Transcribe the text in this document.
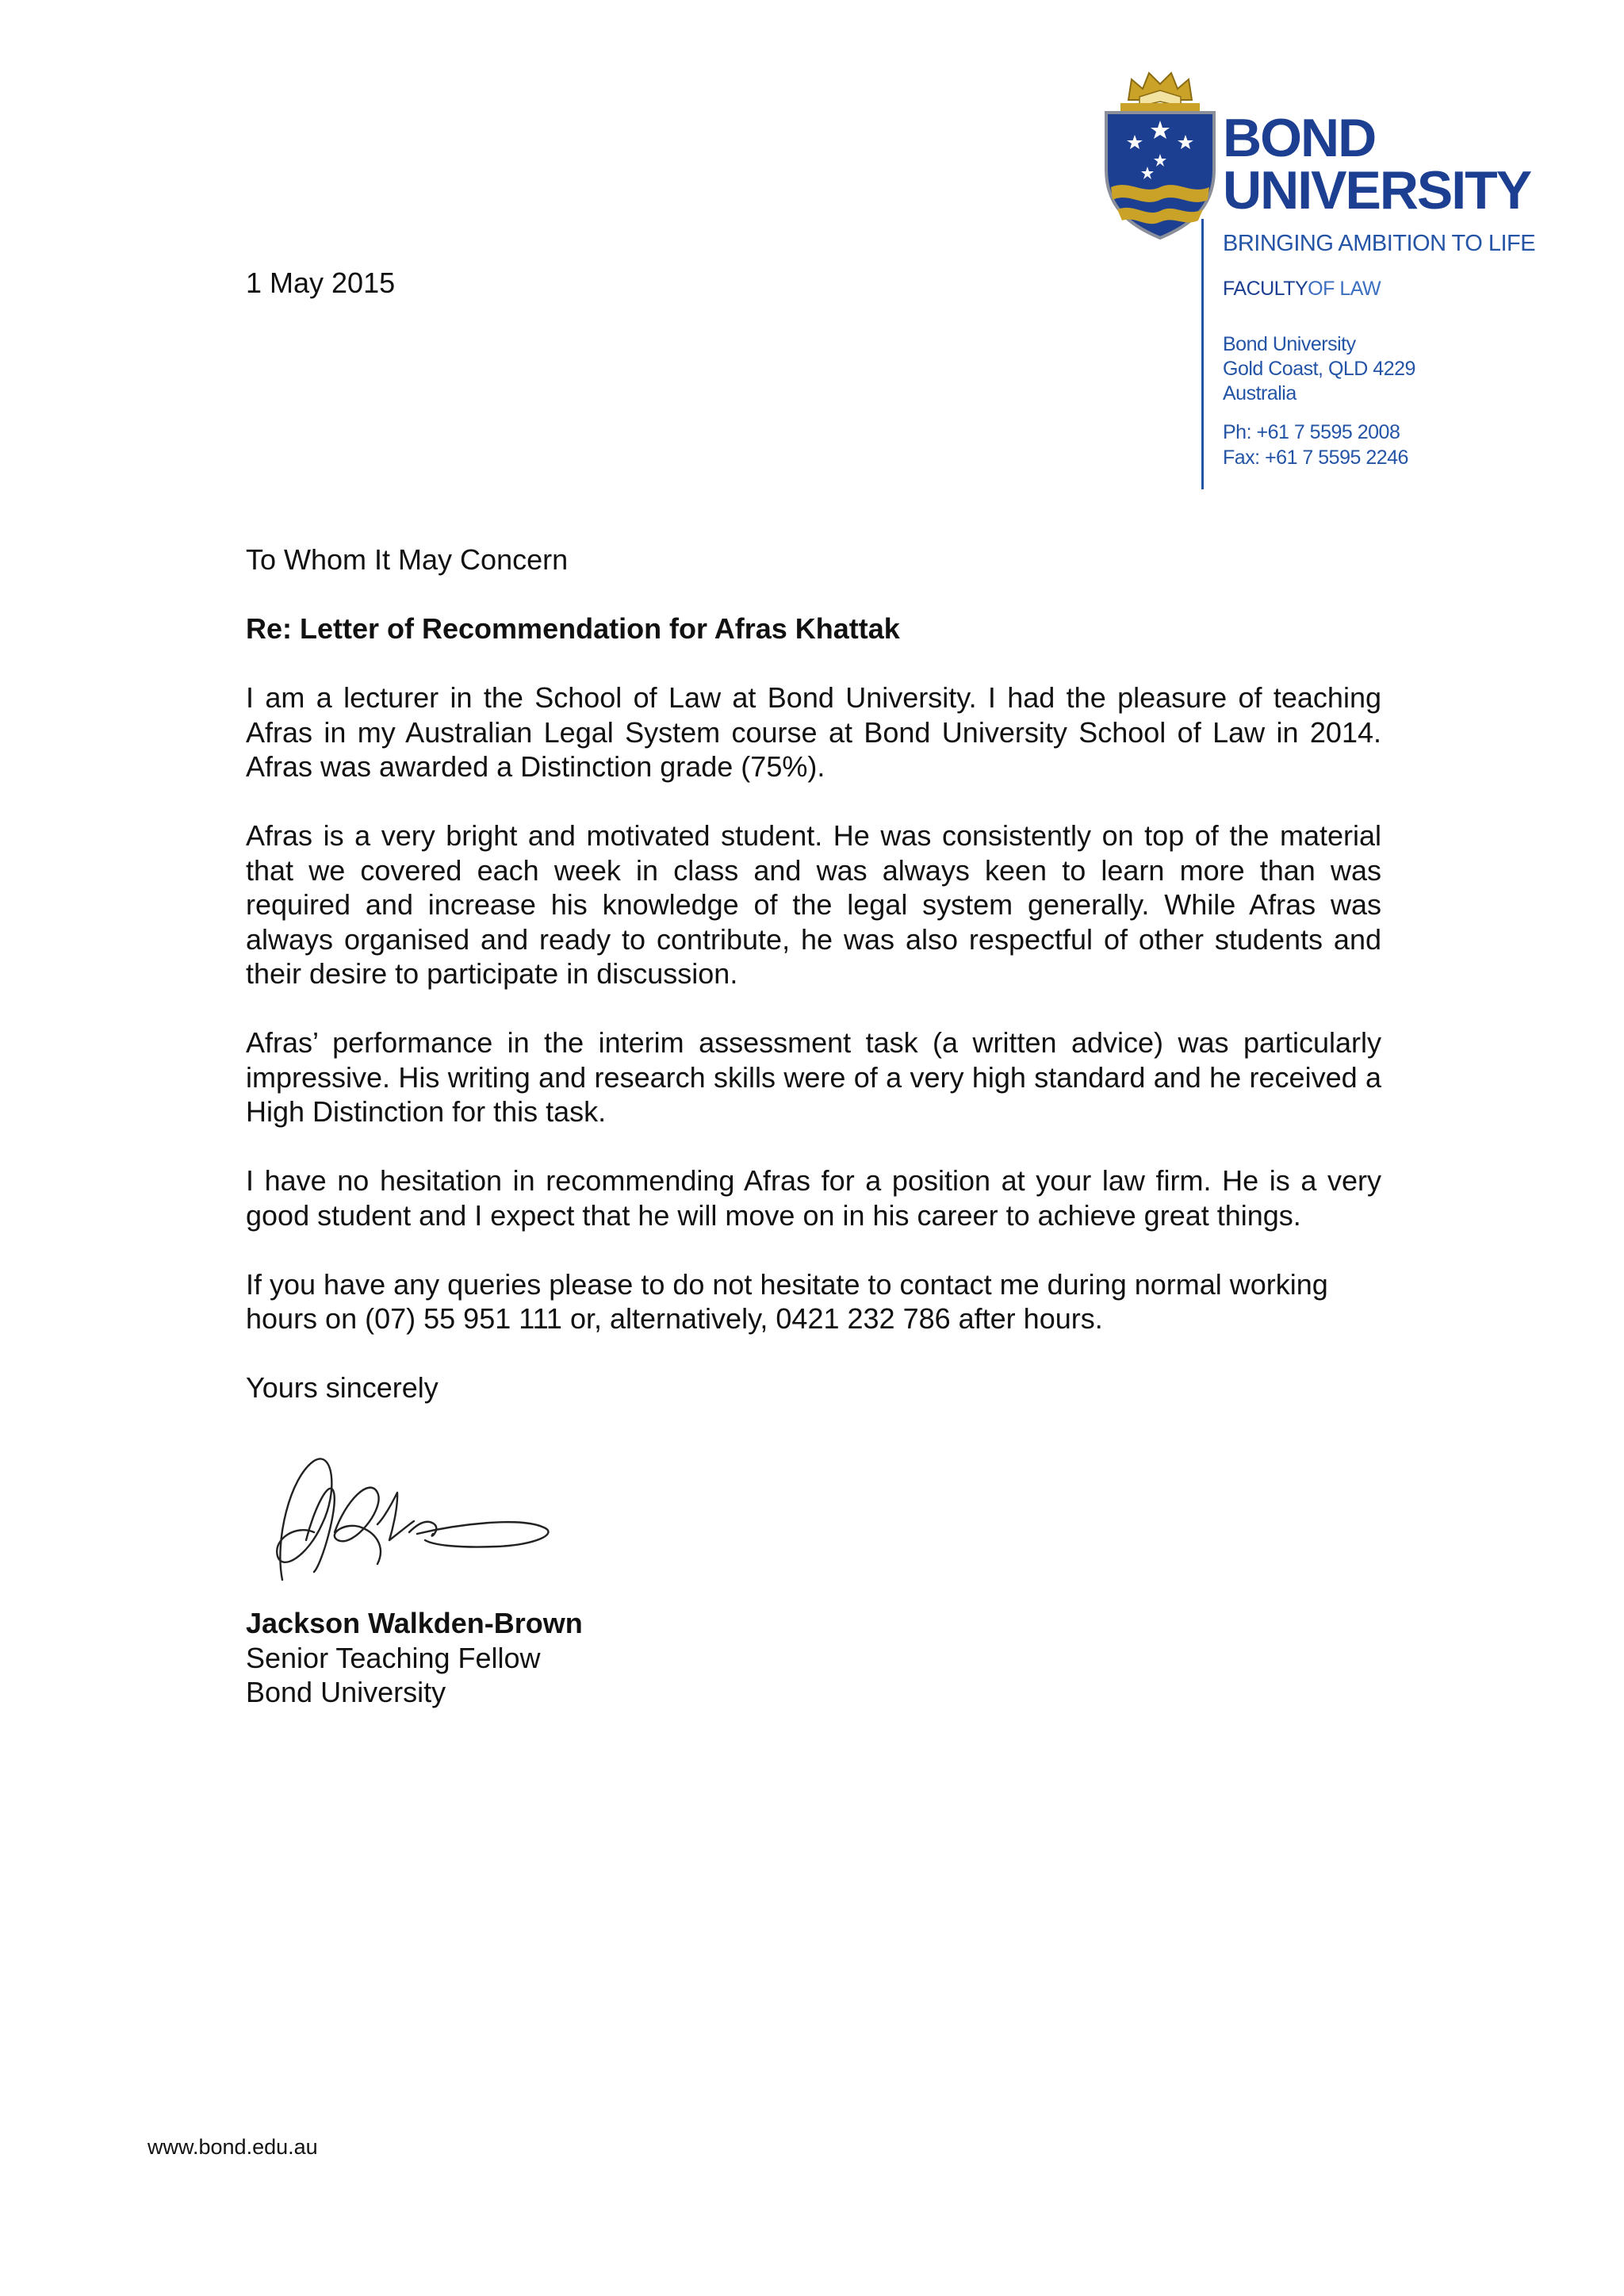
BOND
UNIVERSITY
BRINGING AMBITION TO LIFE
FACULTYOF LAW
Bond University
Gold Coast, QLD 4229
Australia
Ph: +61 7 5595 2008
Fax: +61 7 5595 2246
1 May 2015

To Whom It May Concern

Re: Letter of Recommendation for Afras Khattak

I am a lecturer in the School of Law at Bond University. I had the pleasure of teaching Afras in my Australian Legal System course at Bond University School of Law in 2014. Afras was awarded a Distinction grade (75%).

Afras is a very bright and motivated student. He was consistently on top of the material that we covered each week in class and was always keen to learn more than was required and increase his knowledge of the legal system generally. While Afras was always organised and ready to contribute, he was also respectful of other students and their desire to participate in discussion.

Afras’ performance in the interim assessment task (a written advice) was particularly impressive. His writing and research skills were of a very high standard and he received a High Distinction for this task.

I have no hesitation in recommending Afras for a position at your law firm. He is a very good student and I expect that he will move on in his career to achieve great things.

If you have any queries please to do not hesitate to contact me during normal working hours on (07) 55 951 111 or, alternatively, 0421 232 786 after hours.

Yours sincerely

Jackson Walkden-Brown
Senior Teaching Fellow
Bond University
www.bond.edu.au
